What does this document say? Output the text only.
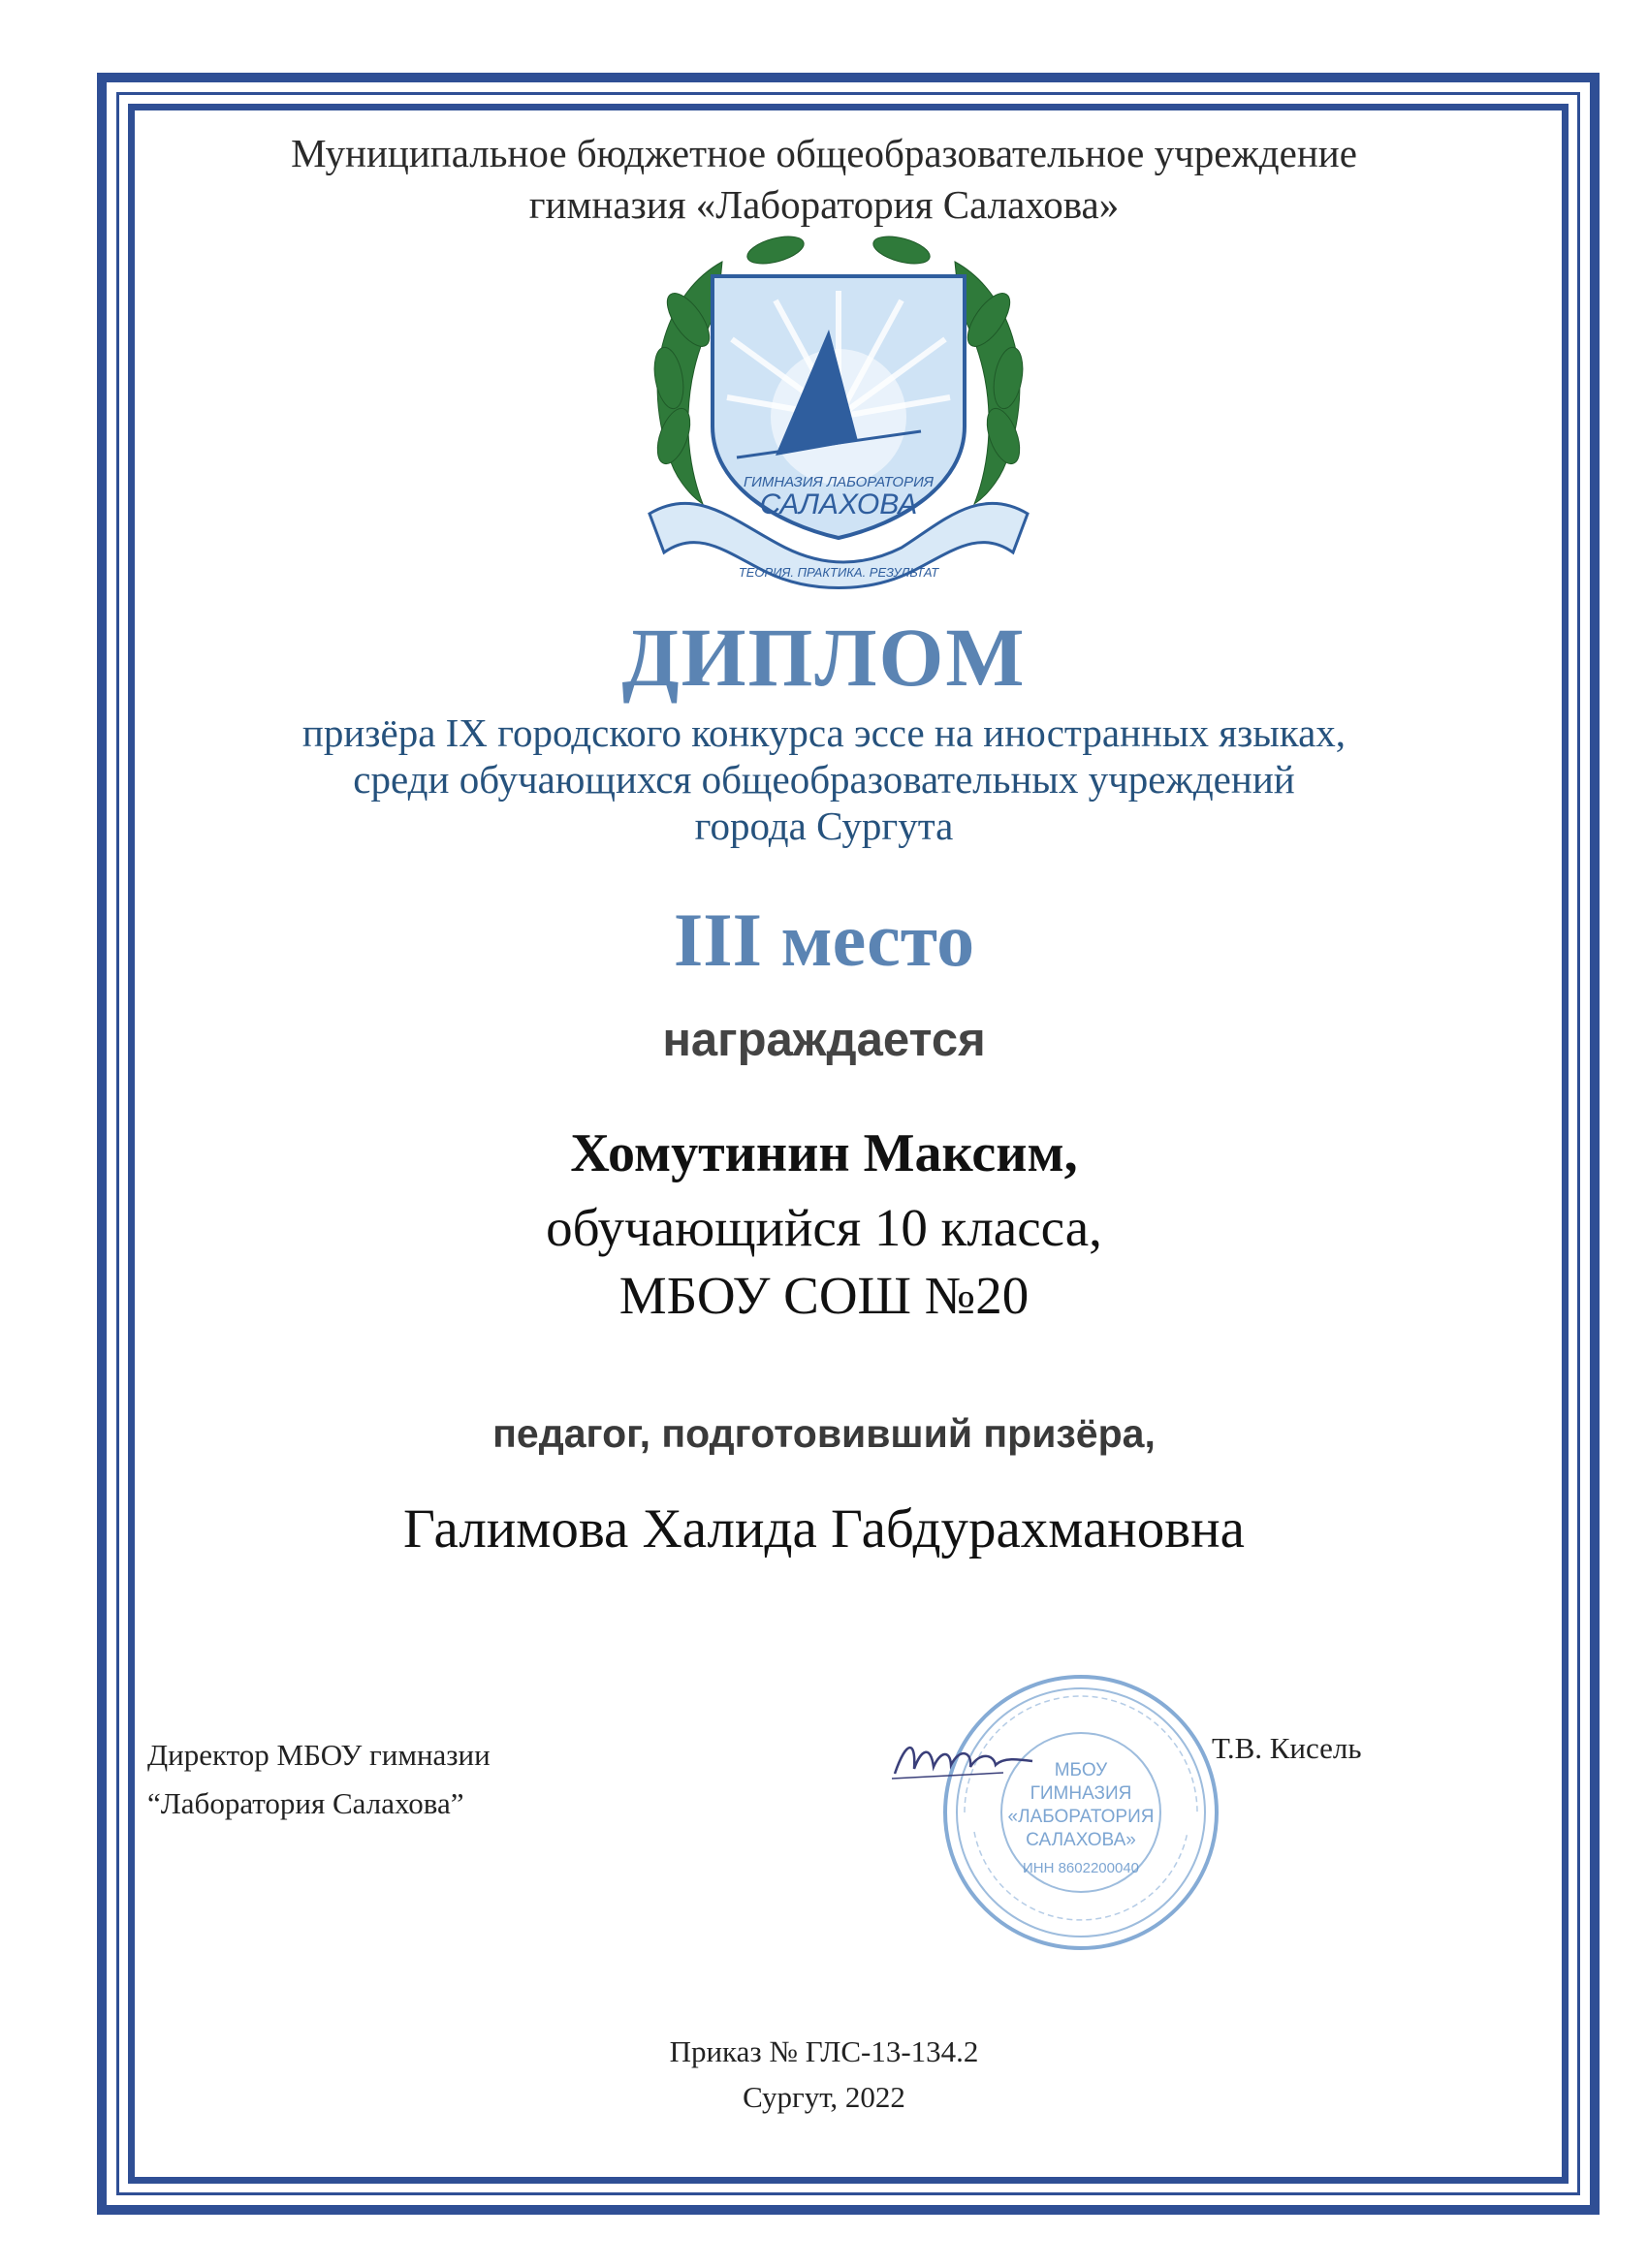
Муниципальное бюджетное общеобразовательное учреждение
гимназия «Лаборатория Салахова»
ГИМНАЗИЯ ЛАБОРАТОРИЯ
САЛАХОВА
ТЕОРИЯ. ПРАКТИКА. РЕЗУЛЬТАТ
ДИПЛОМ
призёра IX городского конкурса эссе на иностранных языках,
среди обучающихся общеобразовательных учреждений
города Сургута
III место
награждается
Хомутинин Максим,
обучающийся 10 класса,
МБОУ СОШ №20
педагог, подготовивший призёра,
Галимова Халида Габдурахмановна
Директор МБОУ гимназии
“Лаборатория Салахова”
МБОУ
ГИМНАЗИЯ
«ЛАБОРАТОРИЯ
САЛАХОВА»
ИНН 8602200040
Т.В. Кисель
Приказ № ГЛС-13-134.2
Сургут, 2022
